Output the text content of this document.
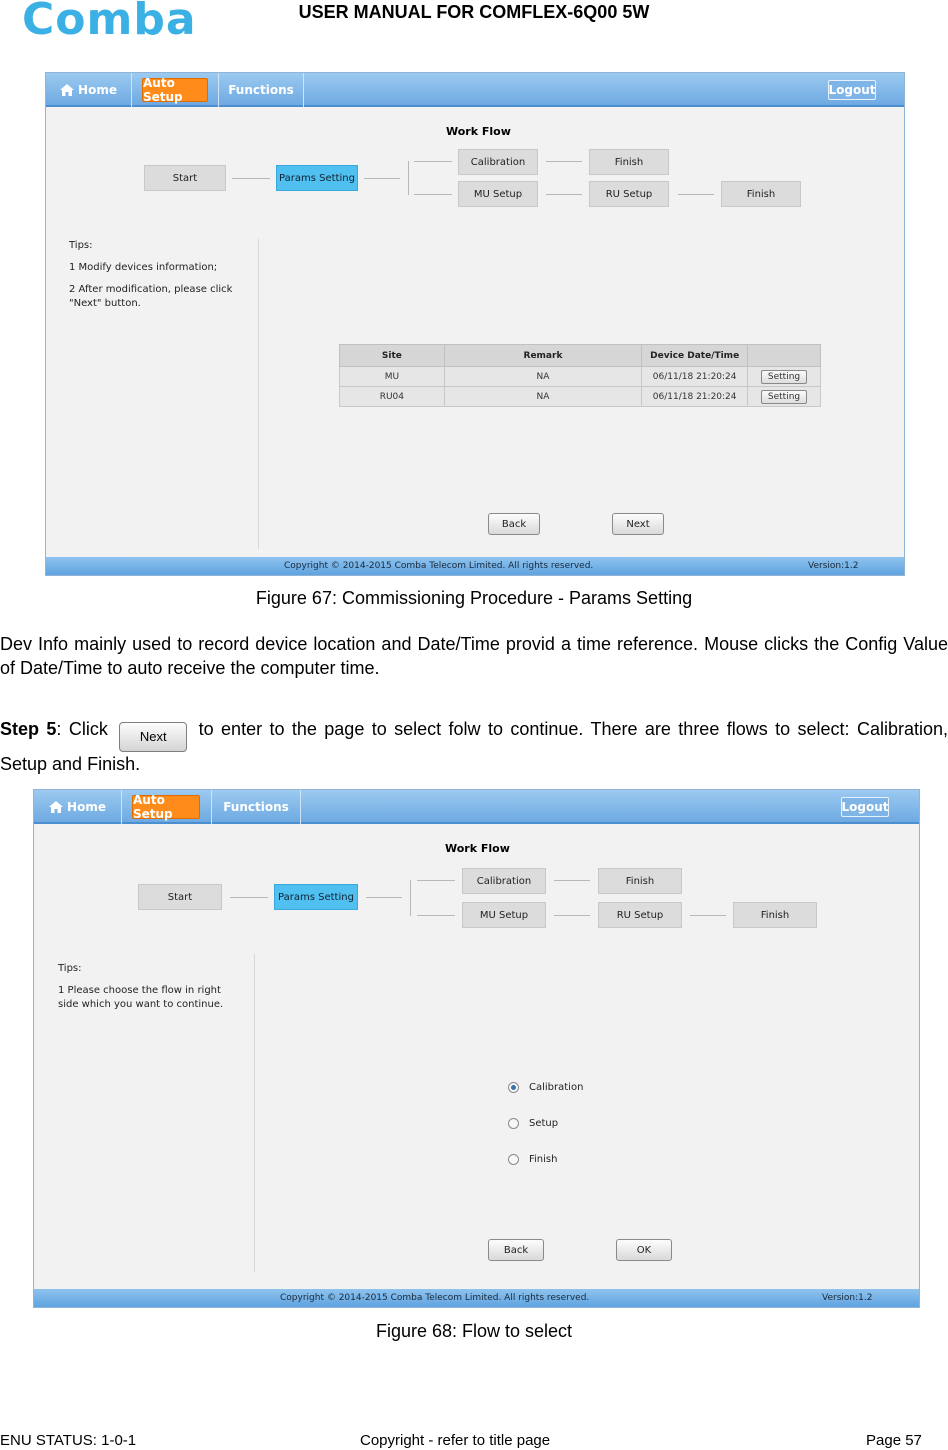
Comba	USER MANUAL FOR COMFLEX-6Q00 5W
Home Auto Setup	Functions	Logout
Work Flow
Start	Params Setting
Calibration	Finish
MU Setup	RU Setup	Finish

Tips:

1 Modify devices information;

2 After modification, please click "Next" button.

Site	Remark	Device Date/Time	
MU	NA	06/11/18 21:20:24	Setting
RU04	NA	06/11/18 21:20:24	Setting
Back	Next
Copyright © 2014-2015 Comba Telecom Limited. All rights reserved.	Version:1.2
Figure 67: Commissioning Procedure - Params Setting
Dev Info mainly used to record device location and Date/Time provid a time reference. Mouse clicks the Config Value of Date/Time to auto receive the computer time.
Step 5: Click Next to enter to the page to select folw to continue. There are three flows to select: Calibration, Setup and Finish.
Home Auto Setup	Functions	Logout
Work Flow
Start	Params Setting
Calibration	Finish
MU Setup	RU Setup	Finish

Tips:

1 Please choose the flow in right side which you want to continue.

Calibration
Setup
Finish
Back	OK
Copyright © 2014-2015 Comba Telecom Limited. All rights reserved.	Version:1.2
Figure 68: Flow to select
ENU STATUS: 1-0-1	Copyright - refer to title page	Page 57
